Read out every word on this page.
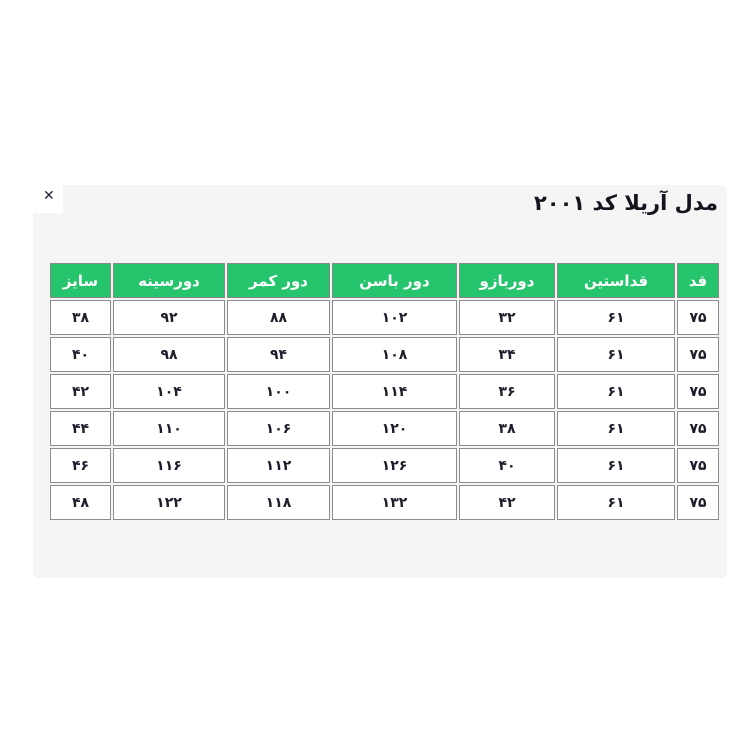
✕	مدل آریلا کد ۲۰۰۱
قد	قداستین	دوربازو	دور باسن	دور کمر	دورسینه	سایز
۷۵	۶۱	۳۲	۱۰۲	۸۸	۹۲	۳۸
۷۵	۶۱	۳۴	۱۰۸	۹۴	۹۸	۴۰
۷۵	۶۱	۳۶	۱۱۴	۱۰۰	۱۰۴	۴۲
۷۵	۶۱	۳۸	۱۲۰	۱۰۶	۱۱۰	۴۴
۷۵	۶۱	۴۰	۱۲۶	۱۱۲	۱۱۶	۴۶
۷۵	۶۱	۴۲	۱۳۲	۱۱۸	۱۲۲	۴۸
